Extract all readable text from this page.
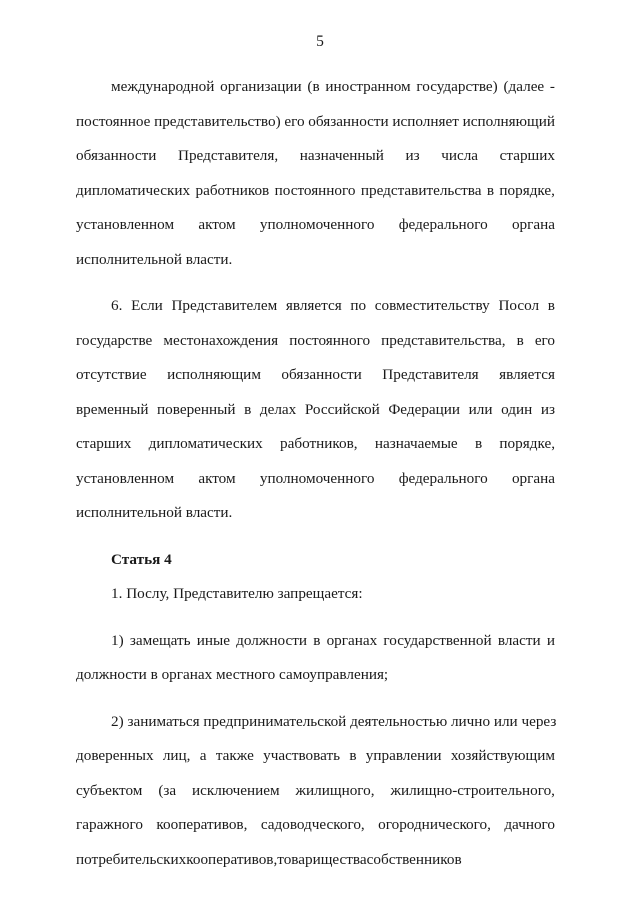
5
международной организации (в иностранном государстве) (далее -
постоянное представительство) его обязанности исполняет исполняющий
обязанности Представителя, назначенный из числа старших
дипломатических работников постоянного представительства в порядке,
установленном актом уполномоченного федерального органа
исполнительной власти.
6. Если Представителем является по совместительству Посол в
государстве местонахождения постоянного представительства, в его
отсутствие исполняющим обязанности Представителя является
временный поверенный в делах Российской Федерации или один из
старших дипломатических работников, назначаемые в порядке,
установленном актом уполномоченного федерального органа
исполнительной власти.
Статья 4
1. Послу, Представителю запрещается:
1) замещать иные должности в органах государственной власти и
должности в органах местного самоуправления;
2) заниматься предпринимательской деятельностью лично или через
доверенных лиц, а также участвовать в управлении хозяйствующим
субъектом (за исключением жилищного, жилищно-строительного,
гаражного кооперативов, садоводческого, огороднического, дачного
потребительских кооперативов, товарищества собственников
